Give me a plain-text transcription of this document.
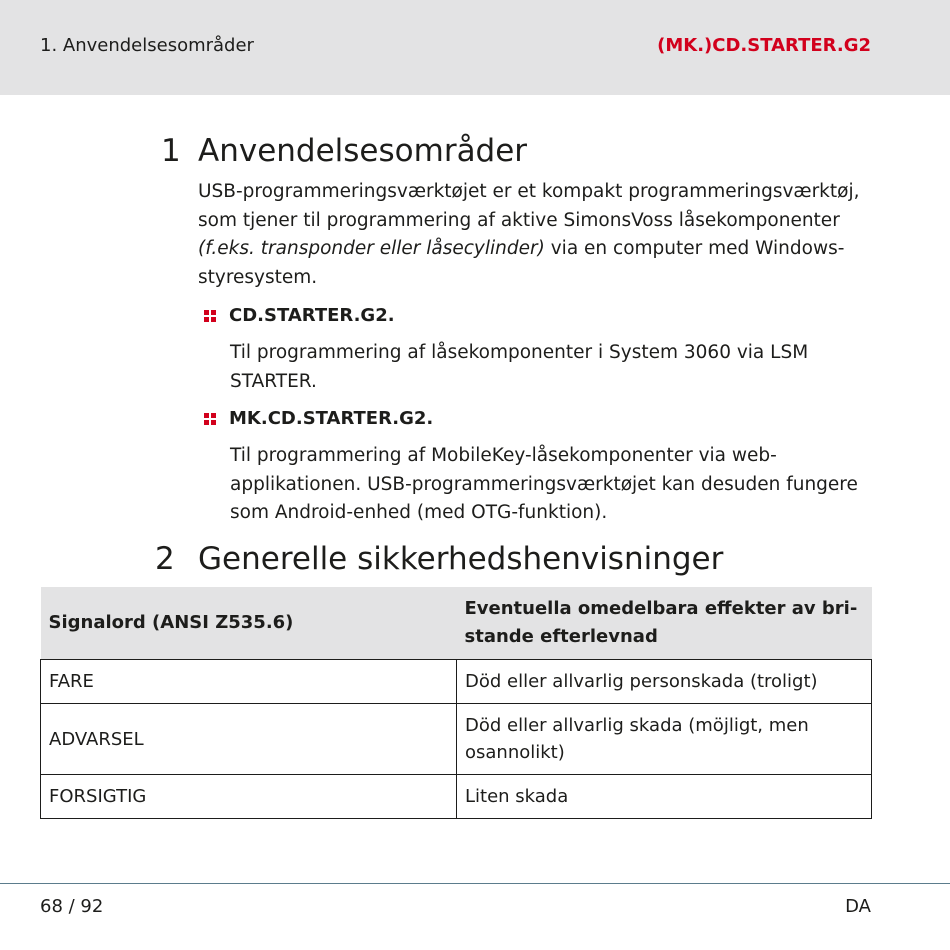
1. Anvendelsesområder	(MK.)CD.STARTER.G2
1 Anvendelsesområder
USB-programmeringsværktøjet er et kompakt programmeringsværktøj, som tjener til programmering af aktive SimonsVoss låsekomponenter (f.eks. transponder eller låsecylinder) via en computer med Windows-styresystem.
CD.STARTER.G2.
Til programmering af låsekomponenter i System 3060 via LSM STARTER.
MK.CD.STARTER.G2.
Til programmering af MobileKey-låsekomponenter via web-applikationen. USB-programmeringsværktøjet kan desuden fungere som Android-enhed (med OTG-funktion).
2 Generelle sikkerhedshenvisninger
Signalord (ANSI Z535.6)	Eventuella omedelbara effekter av bri-stande efterlevnad
FARE	Död eller allvarlig personskada (troligt)
ADVARSEL	Död eller allvarlig skada (möjligt, men osannolikt)
FORSIGTIG	Liten skada
68 / 92	DA
